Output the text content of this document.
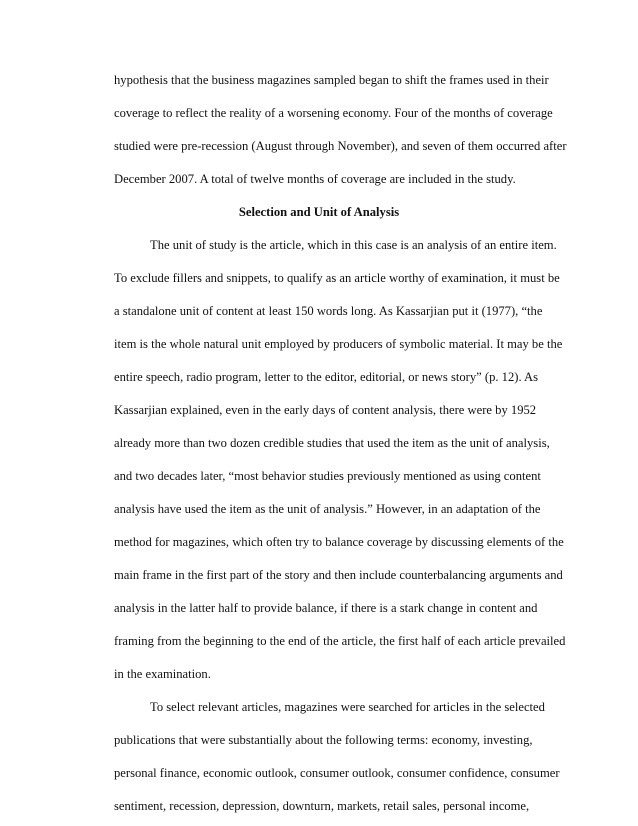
hypothesis that the business magazines sampled began to shift the frames used in their
coverage to reflect the reality of a worsening economy. Four of the months of coverage
studied were pre-recession (August through November), and seven of them occurred after
December 2007. A total of twelve months of coverage are included in the study.
Selection and Unit of Analysis
The unit of study is the article, which in this case is an analysis of an entire item.
To exclude fillers and snippets, to qualify as an article worthy of examination, it must be
a standalone unit of content at least 150 words long. As Kassarjian put it (1977), “the
item is the whole natural unit employed by producers of symbolic material. It may be the
entire speech, radio program, letter to the editor, editorial, or news story” (p. 12). As
Kassarjian explained, even in the early days of content analysis, there were by 1952
already more than two dozen credible studies that used the item as the unit of analysis,
and two decades later, “most behavior studies previously mentioned as using content
analysis have used the item as the unit of analysis.” However, in an adaptation of the
method for magazines, which often try to balance coverage by discussing elements of the
main frame in the first part of the story and then include counterbalancing arguments and
analysis in the latter half to provide balance, if there is a stark change in content and
framing from the beginning to the end of the article, the first half of each article prevailed
in the examination.
To select relevant articles, magazines were searched for articles in the selected
publications that were substantially about the following terms: economy, investing,
personal finance, economic outlook, consumer outlook, consumer confidence, consumer
sentiment, recession, depression, downturn, markets, retail sales, personal income,
